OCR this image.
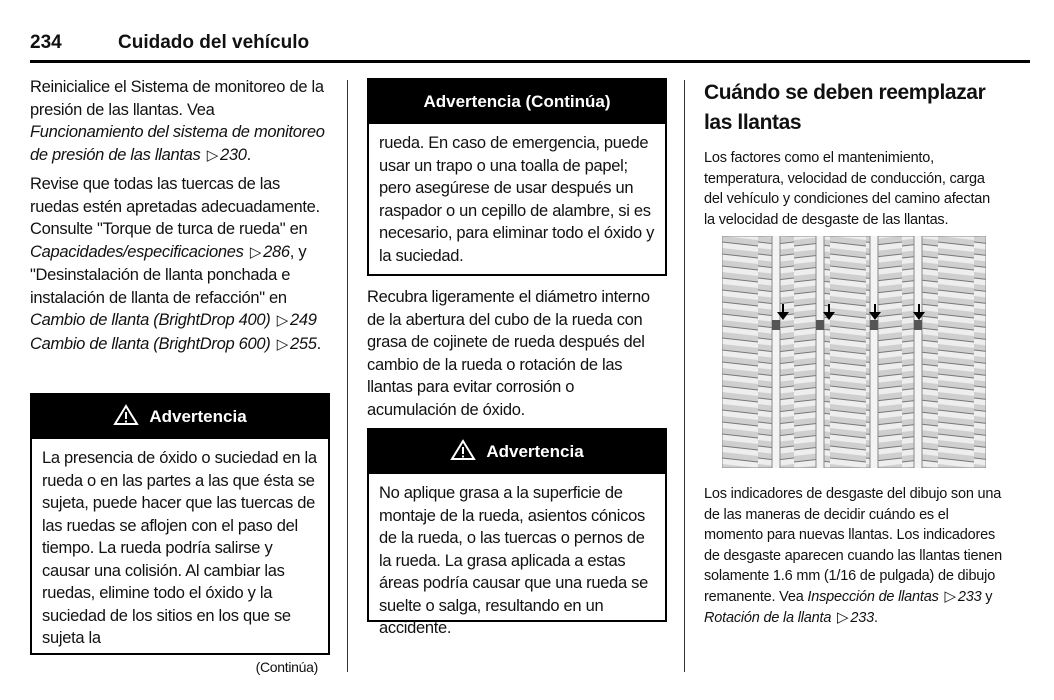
234	Cuidado del vehículo

Reinicialice el Sistema de monitoreo de la presión de las llantas. Vea Funcionamiento del sistema de monitoreo de presión de las llantas ▷ 230.

Revise que todas las tuercas de las ruedas estén apretadas adecuadamente. Consulte "Torque de turca de rueda" en Capacidades/especificaciones ▷ 286, y "Desinstalación de llanta ponchada e instalación de llanta de refacción" en Cambio de llanta (BrightDrop 400) ▷ 249 Cambio de llanta (BrightDrop 600) ▷ 255.

Advertencia
La presencia de óxido o suciedad en la rueda o en las partes a las que ésta se sujeta, puede hacer que las tuercas de las ruedas se aflojen con el paso del tiempo. La rueda podría salirse y causar una colisión. Al cambiar las ruedas, elimine todo el óxido y la suciedad de los sitios en los que se sujeta la
(Continúa)
Advertencia (Continúa)
rueda. En caso de emergencia, puede usar un trapo o una toalla de papel; pero asegúrese de usar después un raspador o un cepillo de alambre, si es necesario, para eliminar todo el óxido y la suciedad.

Recubra ligeramente el diámetro interno de la abertura del cubo de la rueda con grasa de cojinete de rueda después del cambio de la rueda o rotación de las llantas para evitar corrosión o acumulación de óxido.

Advertencia
No aplique grasa a la superficie de montaje de la rueda, asientos cónicos de la rueda, o las tuercas o pernos de la rueda. La grasa aplicada a estas áreas podría causar que una rueda se suelte o salga, resultando en un accidente.
Cuándo se deben reemplazar las llantas

Los factores como el mantenimiento, temperatura, velocidad de conducción, carga del vehículo y condiciones del camino afectan la velocidad de desgaste de las llantas.

Los indicadores de desgaste del dibujo son una de las maneras de decidir cuándo es el momento para nuevas llantas. Los indicadores de desgaste aparecen cuando las llantas tienen solamente 1.6 mm (1/16 de pulgada) de dibujo remanente. Vea Inspección de llantas ▷ 233 y Rotación de la llanta ▷ 233.
